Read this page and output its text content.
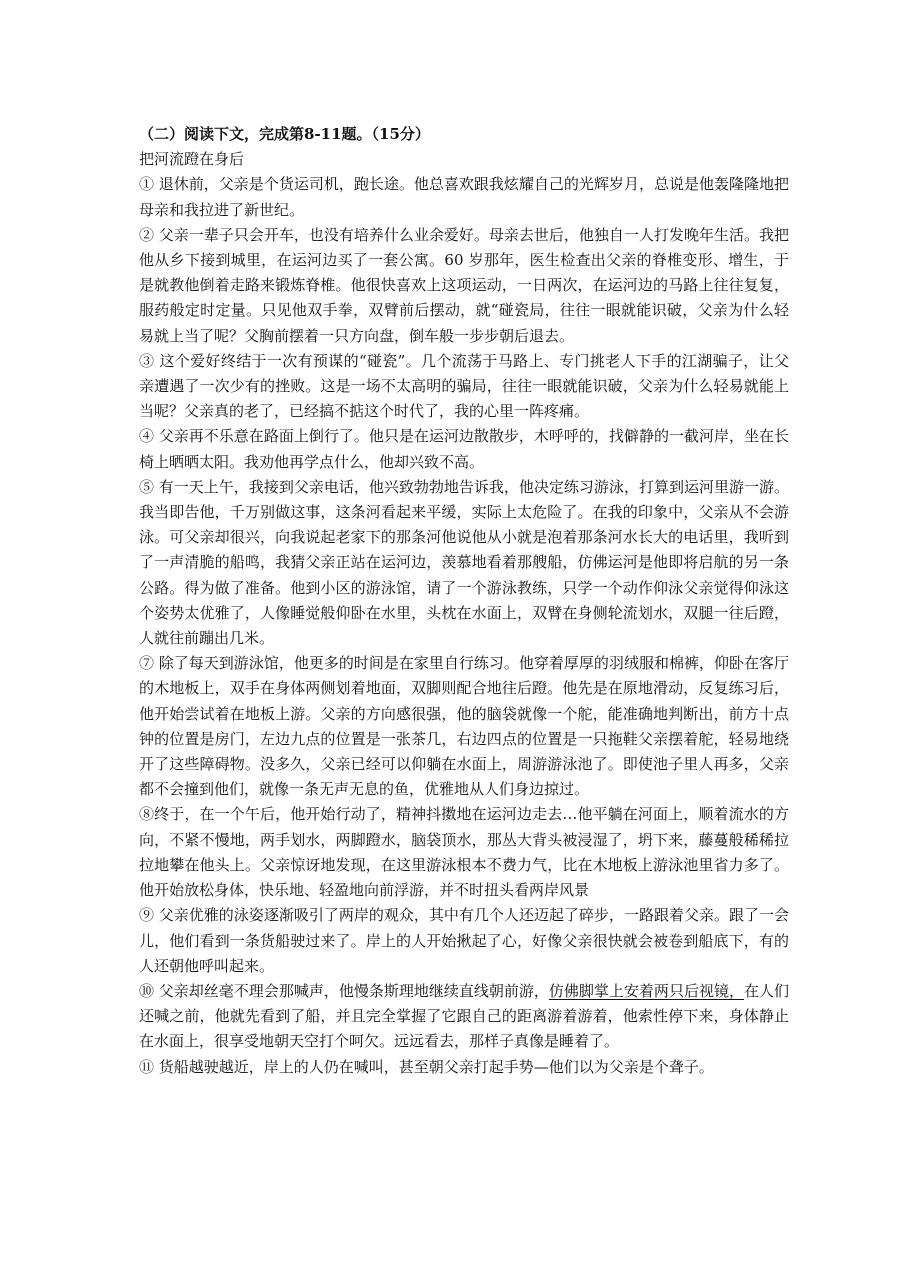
（二）阅读下文，完成第8-11题。（15分）
把河流蹬在身后

① 退休前，父亲是个货运司机，跑长途。他总喜欢跟我炫耀自己的光辉岁月，总说是他轰隆隆地把母亲和我拉进了新世纪。

② 父亲一辈子只会开车，也没有培养什么业余爱好。母亲去世后，他独自一人打发晚年生活。我把他从乡下接到城里，在运河边买了一套公寓。60 岁那年，医生检查出父亲的脊椎变形、增生，于是就教他倒着走路来锻炼脊椎。他很快喜欢上这项运动，一日两次，在运河边的马路上往往复复，服药般定时定量。只见他双手拳，双臂前后摆动，就“碰瓷局，往往一眼就能识破，父亲为什么轻易就上当了呢？父胸前摆着一只方向盘，倒车般一步步朝后退去。

③ 这个爱好终结于一次有预谋的“碰瓷”。几个流荡于马路上、专门挑老人下手的江湖骗子，让父亲遭遇了一次少有的挫败。这是一场不太高明的骗局，往往一眼就能识破，父亲为什么轻易就能上当呢？父亲真的老了，已经搞不掂这个时代了，我的心里一阵疼痛。

④ 父亲再不乐意在路面上倒行了。他只是在运河边散散步，木呼呼的，找僻静的一截河岸，坐在长椅上晒晒太阳。我劝他再学点什么，他却兴致不高。

⑤ 有一天上午，我接到父亲电话，他兴致勃勃地告诉我，他决定练习游泳，打算到运河里游一游。我当即告他，千万别做这事，这条河看起来平缓，实际上太危险了。在我的印象中，父亲从不会游泳。可父亲却很兴，向我说起老家下的那条河他说他从小就是泡着那条河水长大的电话里，我听到了一声清脆的船鸣，我猜父亲正站在运河边，羡慕地看着那艘船，仿佛运河是他即将启航的另一条公路。得为做了准备。他到小区的游泳馆，请了一个游泳教练，只学一个动作仰泳父亲觉得仰泳这个姿势太优雅了，人像睡觉般仰卧在水里，头枕在水面上，双臂在身侧轮流划水，双腿一往后蹬，人就往前蹦出几米。

⑦ 除了每天到游泳馆，他更多的时间是在家里自行练习。他穿着厚厚的羽绒服和棉裤，仰卧在客厅的木地板上，双手在身体两侧划着地面，双脚则配合地往后蹬。他先是在原地滑动，反复练习后，他开始尝试着在地板上游。父亲的方向感很强，他的脑袋就像一个舵，能准确地判断出，前方十点钟的位置是房门，左边九点的位置是一张茶几，右边四点的位置是一只拖鞋父亲摆着舵，轻易地绕开了这些障碍物。没多久，父亲已经可以仰躺在水面上，周游游泳池了。即使池子里人再多，父亲都不会撞到他们，就像一条无声无息的鱼，优雅地从人们身边掠过。

⑧终于，在一个午后，他开始行动了，精神抖擞地在运河边走去…他平躺在河面上，顺着流水的方向，不紧不慢地，两手划水，两脚蹬水，脑袋顶水，那丛大背头被浸湿了，坍下来，藤蔓般稀稀拉拉地攀在他头上。父亲惊讶地发现，在这里游泳根本不费力气，比在木地板上游泳池里省力多了。他开始放松身体，快乐地、轻盈地向前浮游，并不时扭头看两岸风景

⑨ 父亲优雅的泳姿逐渐吸引了两岸的观众，其中有几个人还迈起了碎步，一路跟着父亲。跟了一会儿，他们看到一条货船驶过来了。岸上的人开始揪起了心，好像父亲很快就会被卷到船底下，有的人还朝他呼叫起来。

⑩ 父亲却丝毫不理会那喊声，他慢条斯理地继续直线朝前游，仿佛脚掌上安着两只后视镜，在人们还喊之前，他就先看到了船，并且完全掌握了它跟自己的距离游着游着，他索性停下来，身体静止在水面上，很享受地朝天空打个呵欠。远远看去，那样子真像是睡着了。

⑪ 货船越驶越近，岸上的人仍在喊叫，甚至朝父亲打起手势—他们以为父亲是个聋子。
